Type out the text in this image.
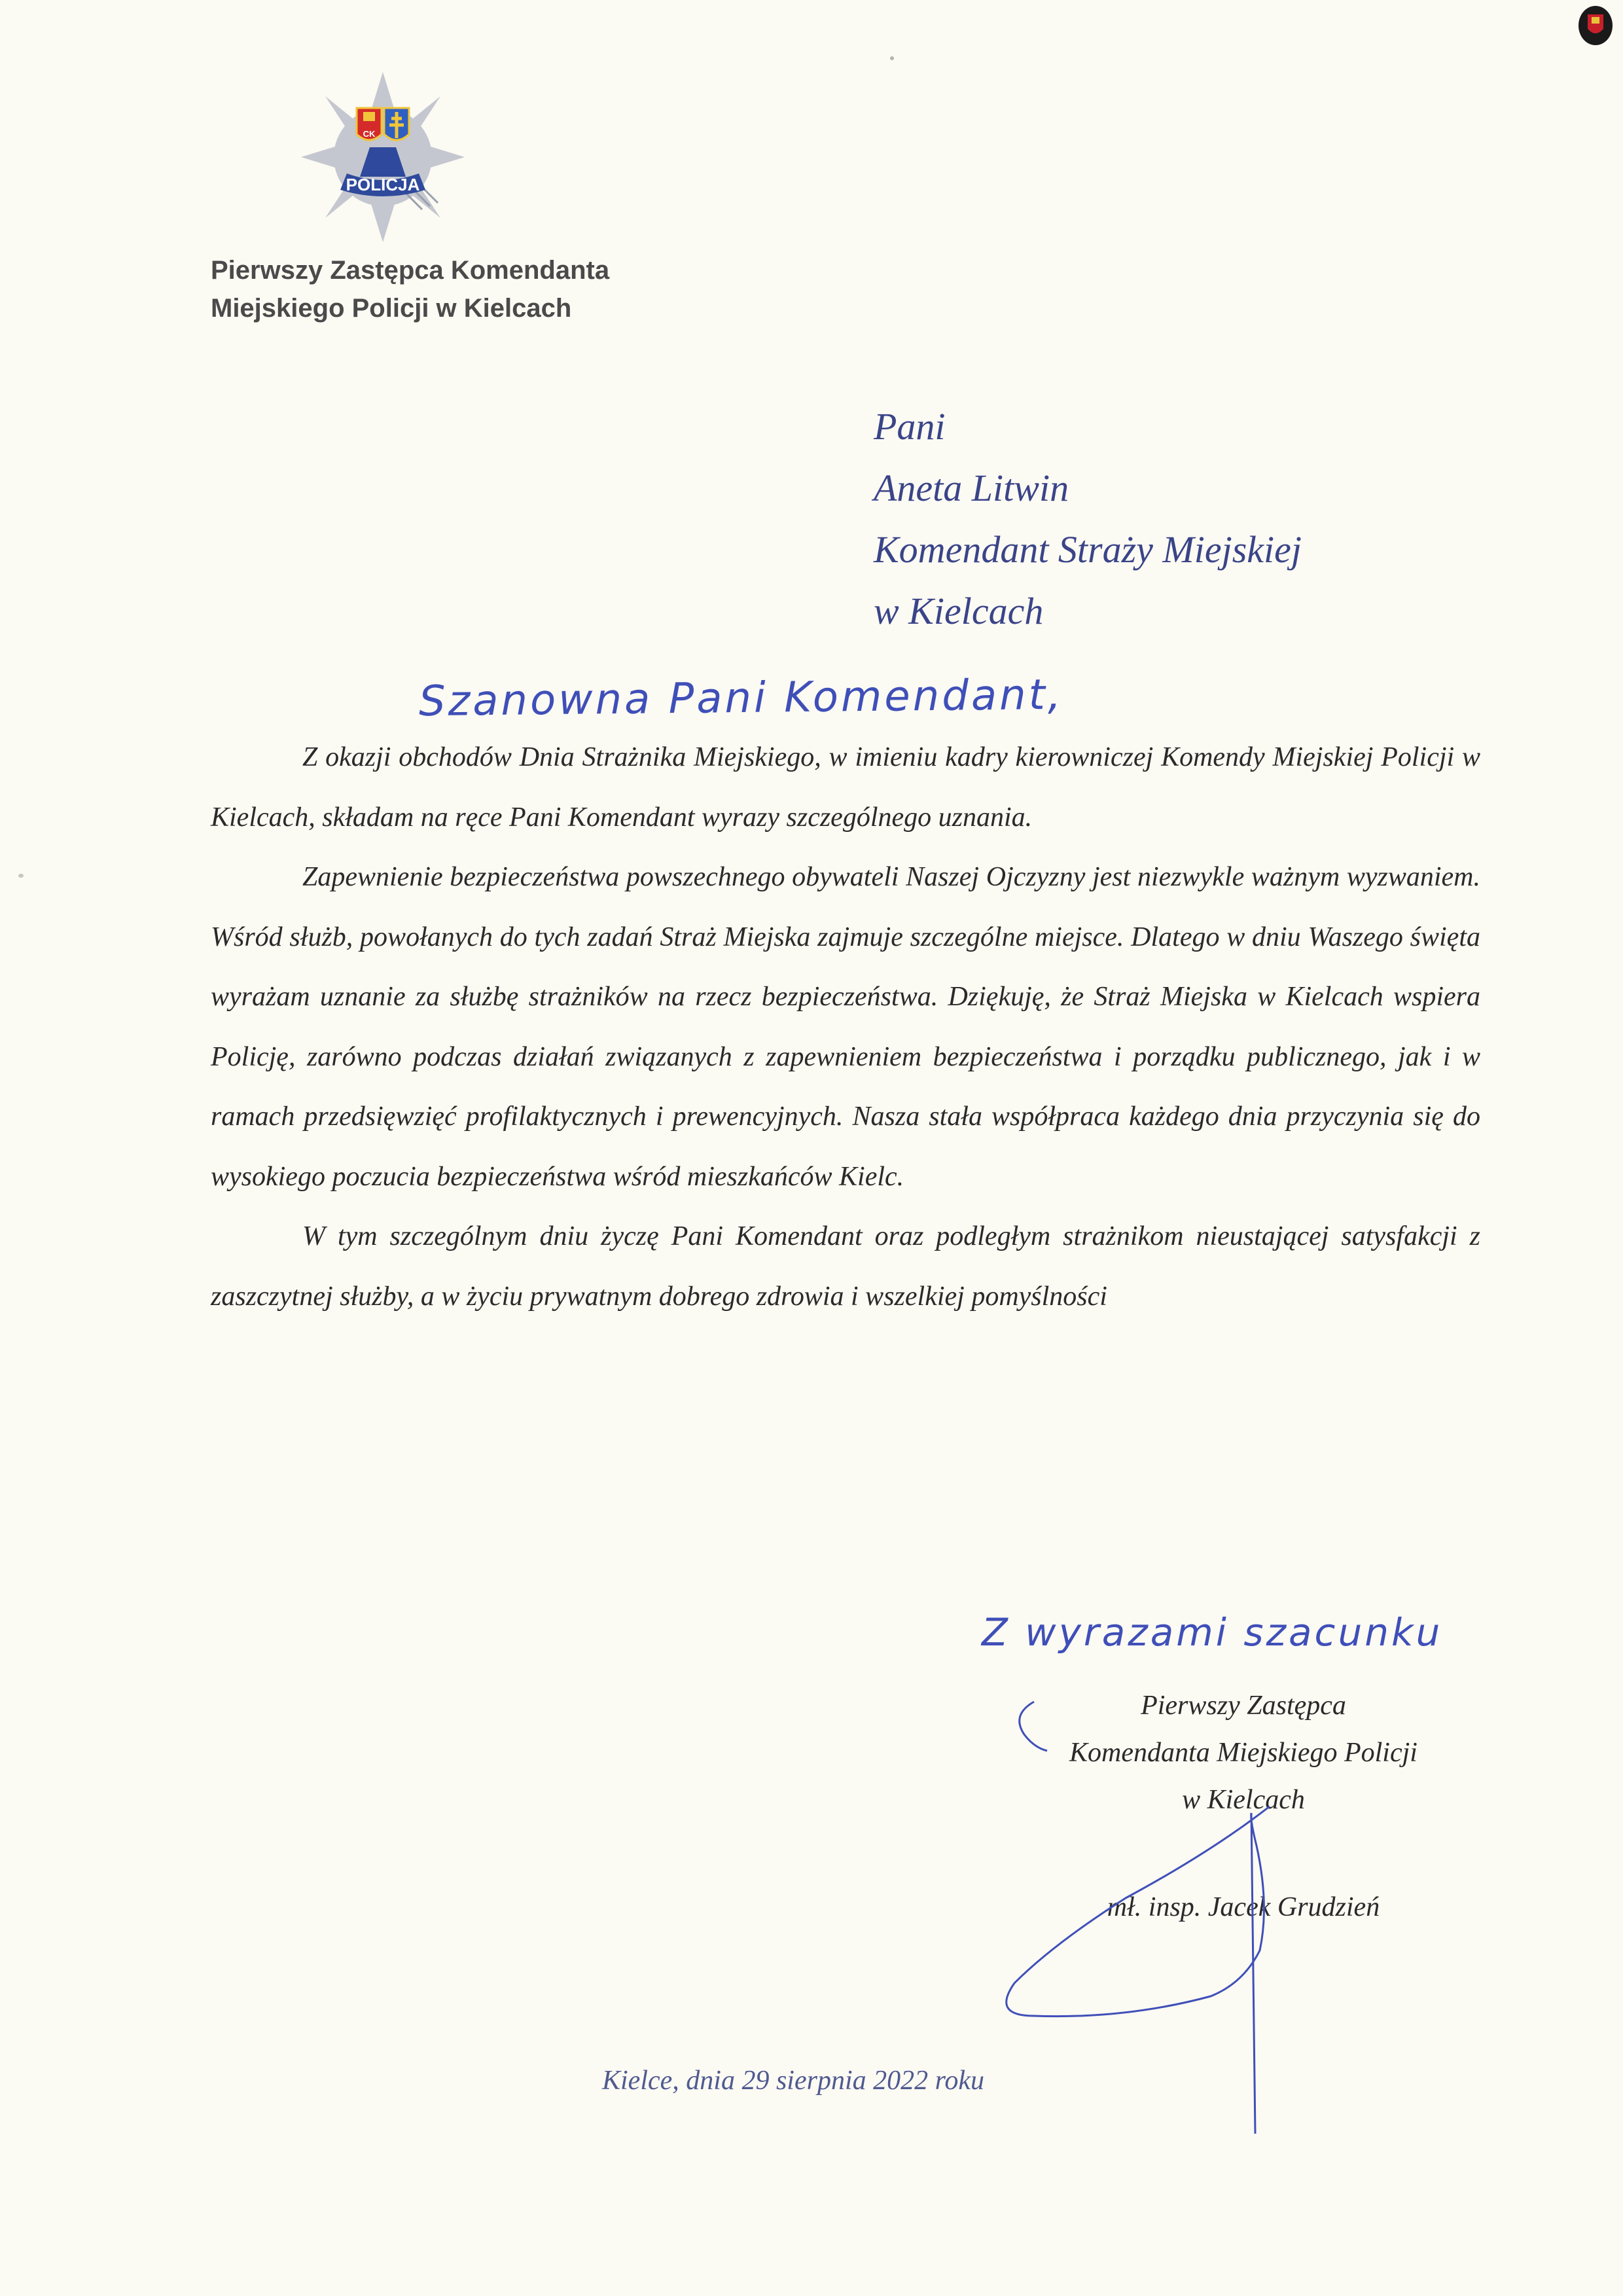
POLICJA
CK
Pierwszy Zastępca Komendanta
Miejskiego Policji w Kielcach
Pani
Aneta Litwin
Komendant Straży Miejskiej
w Kielcach
Szanowna Pani Komendant,

Z okazji obchodów Dnia Strażnika Miejskiego, w imieniu kadry kierowniczej Komendy Miejskiej Policji w Kielcach, składam na ręce Pani Komendant wyrazy szczególnego uznania.

Zapewnienie bezpieczeństwa powszechnego obywateli Naszej Ojczyzny jest niezwykle ważnym wyzwaniem. Wśród służb, powołanych do tych zadań Straż Miejska zajmuje szczególne miejsce. Dlatego w dniu Waszego święta wyrażam uznanie za służbę strażników na rzecz bezpieczeństwa. Dziękuję, że Straż Miejska w Kielcach wspiera Policję, zarówno podczas działań związanych z zapewnieniem bezpieczeństwa i porządku publicznego, jak i w ramach przedsięwzięć profilaktycznych i prewencyjnych. Nasza stała współpraca każdego dnia przyczynia się do wysokiego poczucia bezpieczeństwa wśród mieszkańców Kielc.

W tym szczególnym dniu życzę Pani Komendant oraz podległym strażnikom nieustającej satysfakcji z zaszczytnej służby, a w życiu prywatnym dobrego zdrowia i wszelkiej pomyślności

Z wyrazami szacunku
Pierwszy Zastępca
Komendanta Miejskiego Policji
w Kielcach
mł. insp. Jacek Grudzień
Kielce, dnia 29 sierpnia 2022 roku
